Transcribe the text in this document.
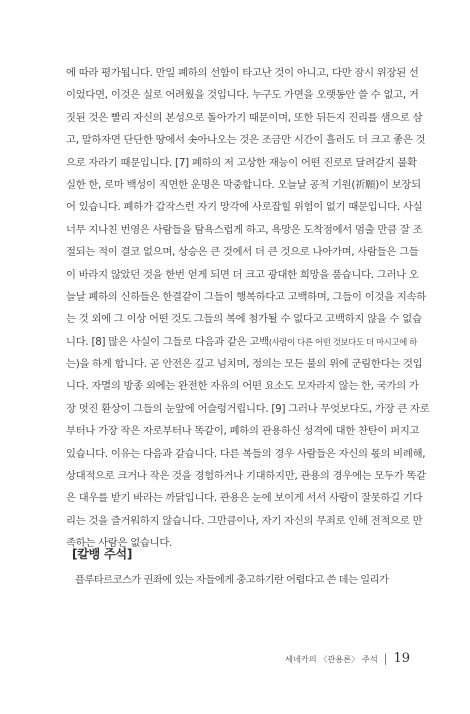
에 따라 평가됩니다. 만일 폐하의 선함이 타고난 것이 아니고, 다만 잠시 위장된 선
이었다면, 이것은 실로 어려웠을 것입니다. 누구도 가면을 오랫동안 쓸 수 없고, 거
짓된 것은 빨리 자신의 본성으로 돌아가기 때문이며, 또한 뒤든지 진리를 샘으로 삼
고, 말하자면 단단한 땅에서 솟아나오는 것은 조금만 시간이 흘러도 더 크고 좋은 것
으로 자라기 때문입니다. [7] 폐하의 저 고상한 재능이 어떤 진로로 달려갈지 불확
실한 한, 로마 백성이 직면한 운명은 막중합니다. 오늘날 공적 기원(祈願)이 보장되
어 있습니다. 폐하가 갑작스런 자기 망각에 사로잡힐 위험이 없기 때문입니다. 사실
너무 지나친 번영은 사람들을 탐욕스럽게 하고, 욕망은 도착점에서 멈출 만큼 잘 조
절되는 적이 결코 없으며, 상승은 큰 것에서 더 큰 것으로 나아가며, 사람들은 그들
이 바라지 않았던 것을 한번 얻게 되면 더 크고 광대한 희망을 품습니다. 그러나 오
늘날 폐하의 신하들은 한결같이 그들이 행복하다고 고백하며, 그들이 이것을 지속하
는 것 외에 그 이상 어떤 것도 그들의 복에 첨가될 수 없다고 고백하지 않을 수 없습
니다. [8] 많은 사실이 그들로 다음과 같은 고백(사람이 다른 어떤 것보다도 더 마시고에 하
는)을 하게 합니다. 곧 안전은 깊고 넘치며, 정의는 모든 불의 위에 군림한다는 것입
니다. 자멸의 방종 외에는 완전한 자유의 어떤 요소도 모자라지 않는 한, 국가의 가
장 멋진 환상이 그들의 눈앞에 어슬렁거립니다. [9] 그러나 무엇보다도, 가장 큰 자로
부터나 가장 작은 자로부터나 똑같이, 폐하의 관용하신 성격에 대한 찬탄이 퍼지고
있습니다. 이유는 다음과 같습니다. 다른 복들의 경우 사람들은 자신의 몫의 비례해,
상대적으로 크거나 작은 것을 경험하거나 기대하지만, 관용의 경우에는 모두가 똑같
은 대우를 받기 바라는 까닭입니다. 관용은 눈에 보이게 서서 사람이 잘못하길 기다
리는 것을 즐거워하지 않습니다. 그만큼이나, 자기 자신의 무죄로 인해 전적으로 만
족하는 사람은 없습니다.
[칼뱅 주석]
플루타르코스가 권좌에 있는 자들에게 충고하기란 어렵다고 쓴 데는 일리가
세네카의 〈관용론〉 주석 | 19
